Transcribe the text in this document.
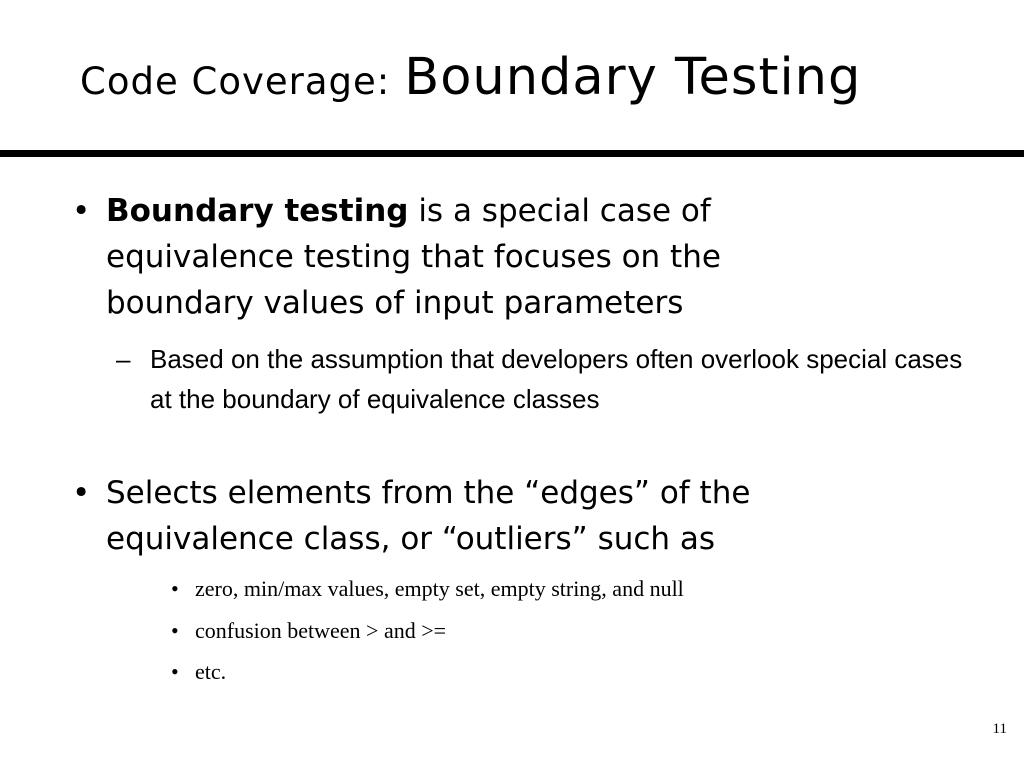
Code Coverage: Boundary Testing
• Boundary testing is a special case of equivalence testing that focuses on the boundary values of input parameters
– Based on the assumption that developers often overlook special cases at the boundary of equivalence classes
• Selects elements from the “edges” of the equivalence class, or “outliers” such as
• zero, min/max values, empty set, empty string, and null
• confusion between > and >=
• etc.
11
